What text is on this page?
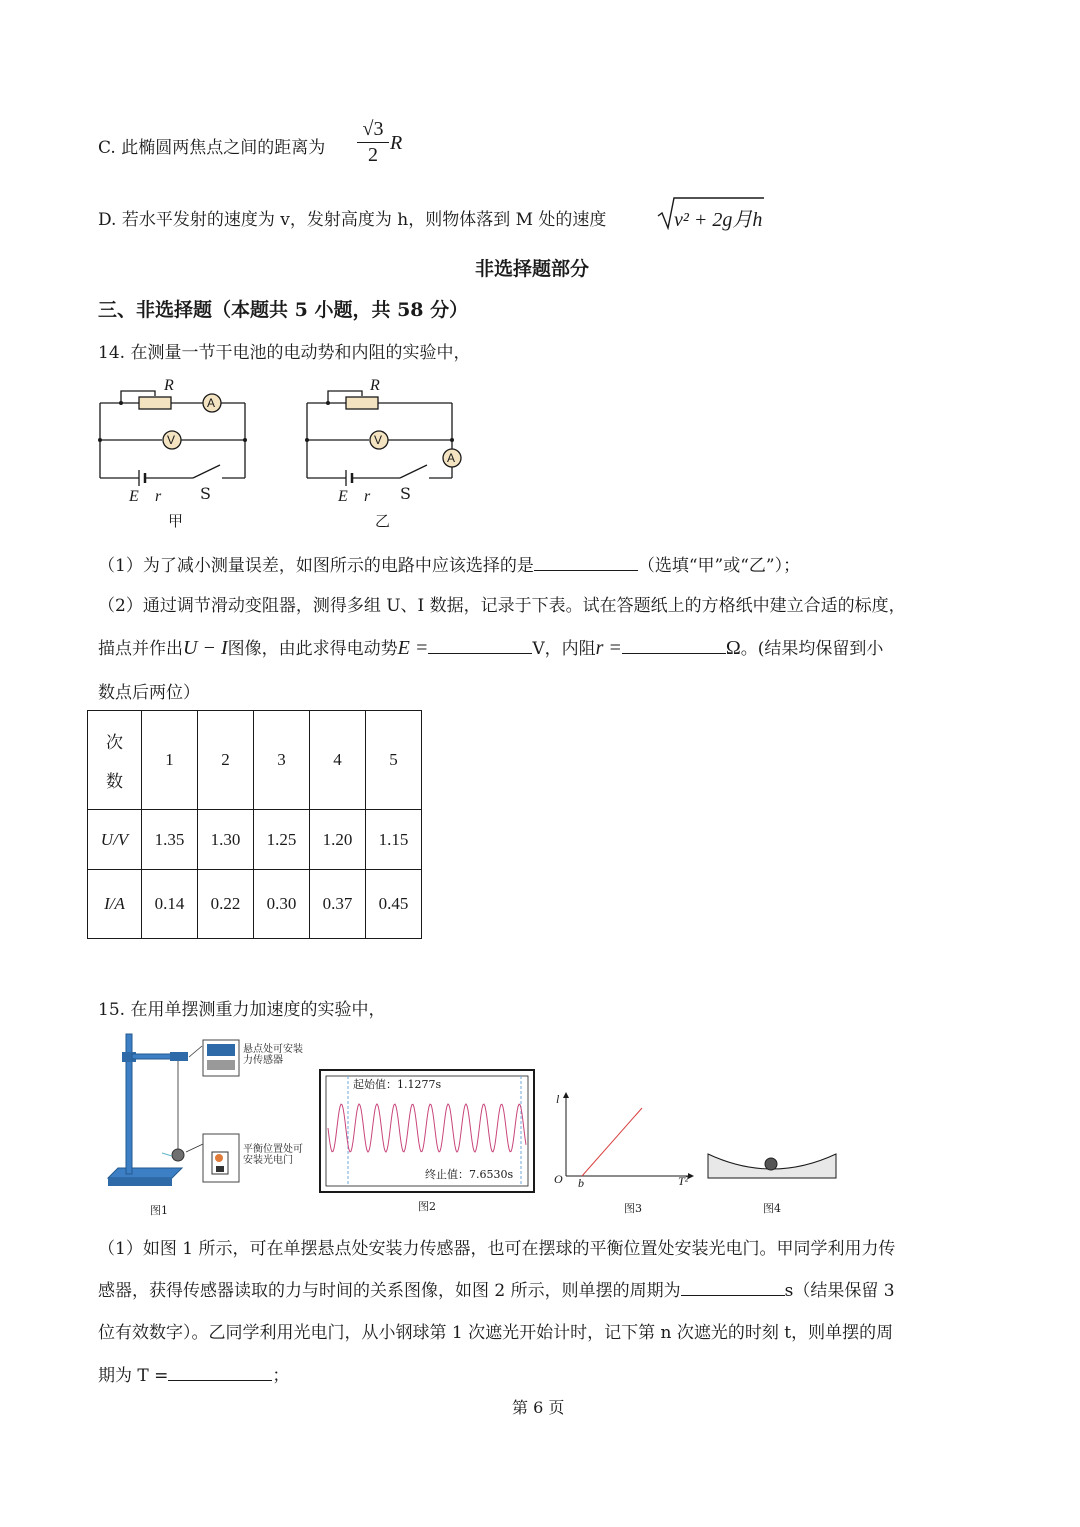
C. 此椭圆两焦点之间的距离为
√3
2
R
D. 若水平发射的速度为 v，发射高度为 h，则物体落到 M 处的速度	v² + 2g月h
非选择题部分
三、非选择题（本题共 5 小题，共 58 分）
14. 在测量一节干电池的电动势和内阻的实验中，
R
A
V
E r S
甲
R
V
A
E r S
乙
（1）为了减小测量误差，如图所示的电路中应该选择的是	（选填“甲”或“乙”）；
（2）通过调节滑动变阻器，测得多组 U、I 数据，记录于下表。试在答题纸上的方格纸中建立合适的标度，
描点并作出U − I图像，由此求得电动势E =	V，内阻r =	Ω。(结果均保留到小
数点后两位）
次
数	1	2	3	4	5
U/V	1.35	1.30	1.25	1.20	1.15
I/A	0.14	0.22	0.30	0.37	0.45
15. 在用单摆测重力加速度的实验中，
悬点处可安装力传感器
平衡位置处可安装光电门
起始值：1.1277s
终止值：7.6530s
l
O b	T²
图1	图2	图3	图4
（1）如图 1 所示，可在单摆悬点处安装力传感器，也可在摆球的平衡位置处安装光电门。甲同学利用力传
感器，获得传感器读取的力与时间的关系图像，如图 2 所示，则单摆的周期为	s（结果保留 3
位有效数字）。乙同学利用光电门，从小钢球第 1 次遮光开始计时，记下第 n 次遮光的时刻 t，则单摆的周
期为 T =	；
第 6 页
